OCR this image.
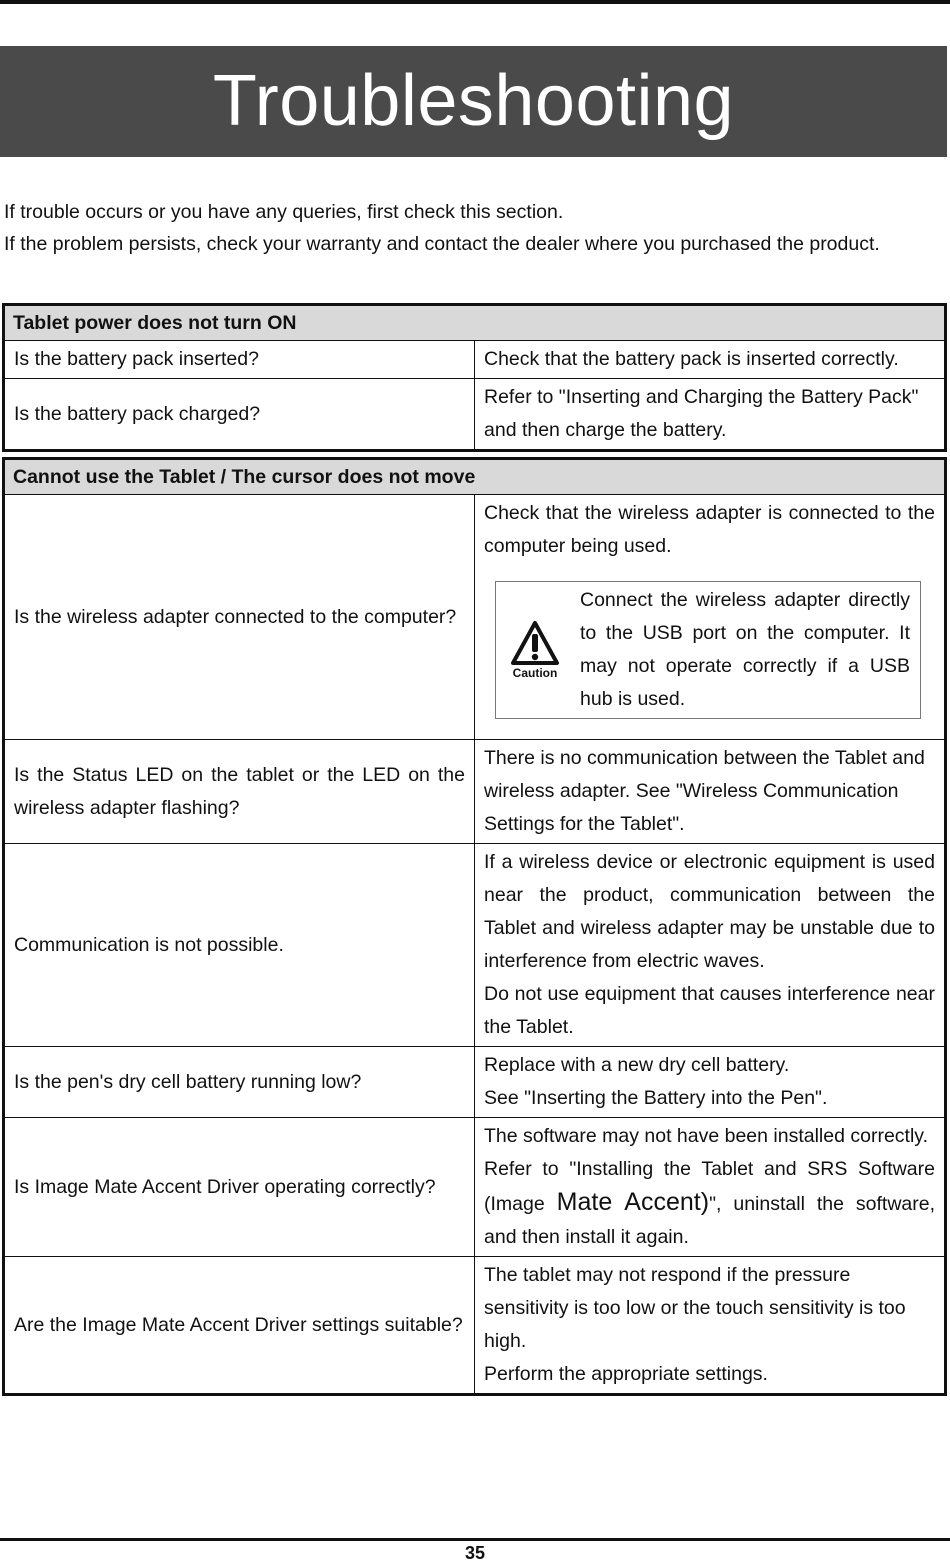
Troubleshooting

If trouble occurs or you have any queries, first check this section.

If the problem persists, check your warranty and contact the dealer where you purchased the product.

Tablet power does not turn ON	
Is the battery pack inserted?	Check that the battery pack is inserted correctly.
Is the battery pack charged?	Refer to "Inserting and Charging the Battery Pack" and then charge the battery.
Cannot use the Tablet / The cursor does not move	
Is the wireless adapter connected to the computer?	Check that the wireless adapter is connected to the computer being used.
Caution
Connect the wireless adapter directly to the USB port on the computer. It may not operate correctly if a USB hub is used.

Is the Status LED on the tablet or the LED on the wireless adapter flashing?	There is no communication between the Tablet and wireless adapter. See "Wireless Communication Settings for the Tablet".
Communication is not possible.	If a wireless device or electronic equipment is used near the product, communication between the Tablet and wireless adapter may be unstable due to interference from electric waves.
Do not use equipment that causes interference near the Tablet.

Is the pen's dry cell battery running low?	Replace with a new dry cell battery.
See "Inserting the Battery into the Pen".

Is Image Mate Accent Driver operating correctly?	The software may not have been installed correctly.
Refer to "Installing the Tablet and SRS Software (Image Mate Accent)", uninstall the software, and then install it again.

Are the Image Mate Accent Driver settings suitable?	The tablet may not respond if the pressure sensitivity is too low or the touch sensitivity is too high.
Perform the appropriate settings.
35
